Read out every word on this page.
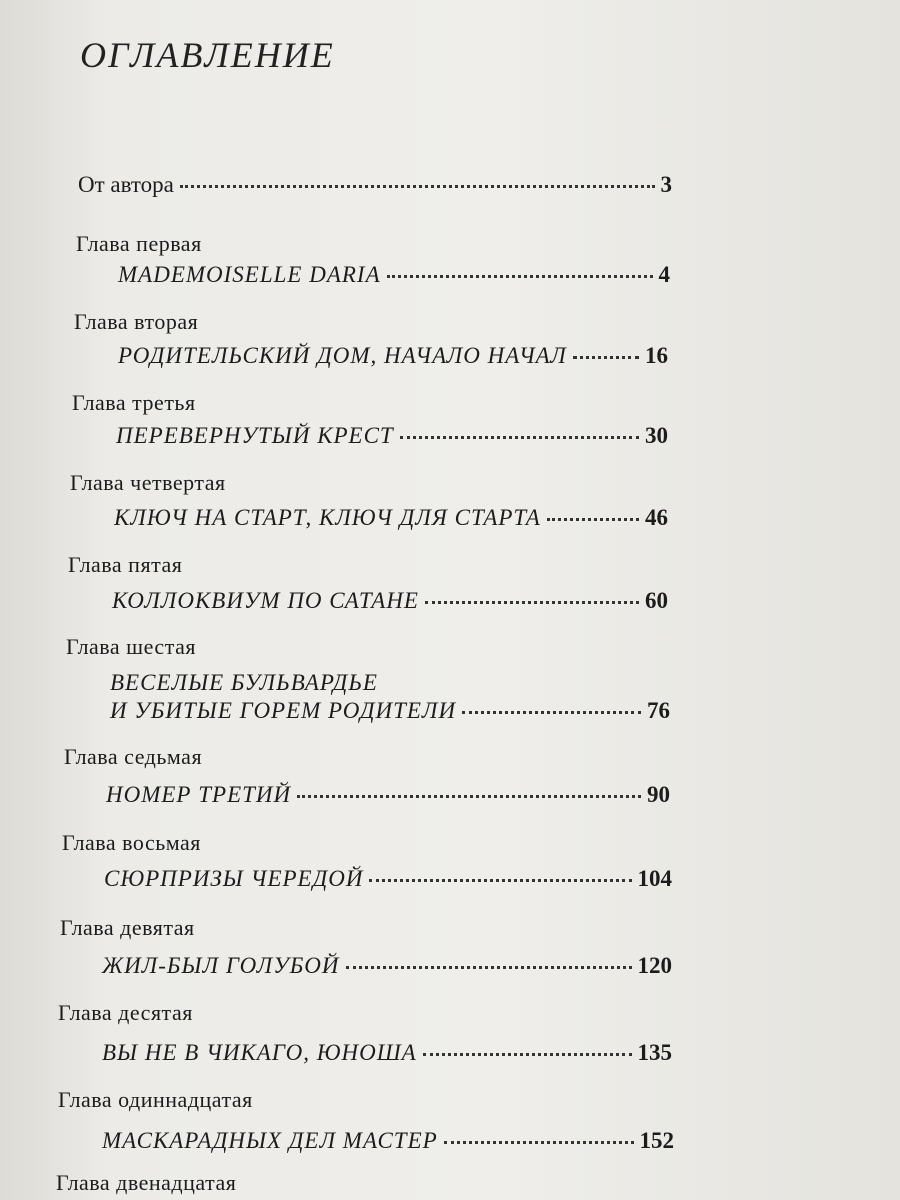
ОГЛАВЛЕНИЕ
От автора	3
Глава первая
MADEMOISELLE DARIA	4
Глава вторая
РОДИТЕЛЬСКИЙ ДОМ, НАЧАЛО НАЧАЛ	16
Глава третья
ПЕРЕВЕРНУТЫЙ КРЕСТ	30
Глава четвертая
КЛЮЧ НА СТАРТ, КЛЮЧ ДЛЯ СТАРТА	46
Глава пятая
КОЛЛОКВИУМ ПО САТАНЕ	60
Глава шестая
ВЕСЕЛЫЕ БУЛЬВАРДЬЕ
И УБИТЫЕ ГОРЕМ РОДИТЕЛИ	76
Глава седьмая
НОМЕР ТРЕТИЙ	90
Глава восьмая
СЮРПРИЗЫ ЧЕРЕДОЙ	104
Глава девятая
ЖИЛ-БЫЛ ГОЛУБОЙ	120
Глава десятая
ВЫ НЕ В ЧИКАГО, ЮНОША	135
Глава одиннадцатая
МАСКАРАДНЫХ ДЕЛ МАСТЕР	152
Глава двенадцатая
